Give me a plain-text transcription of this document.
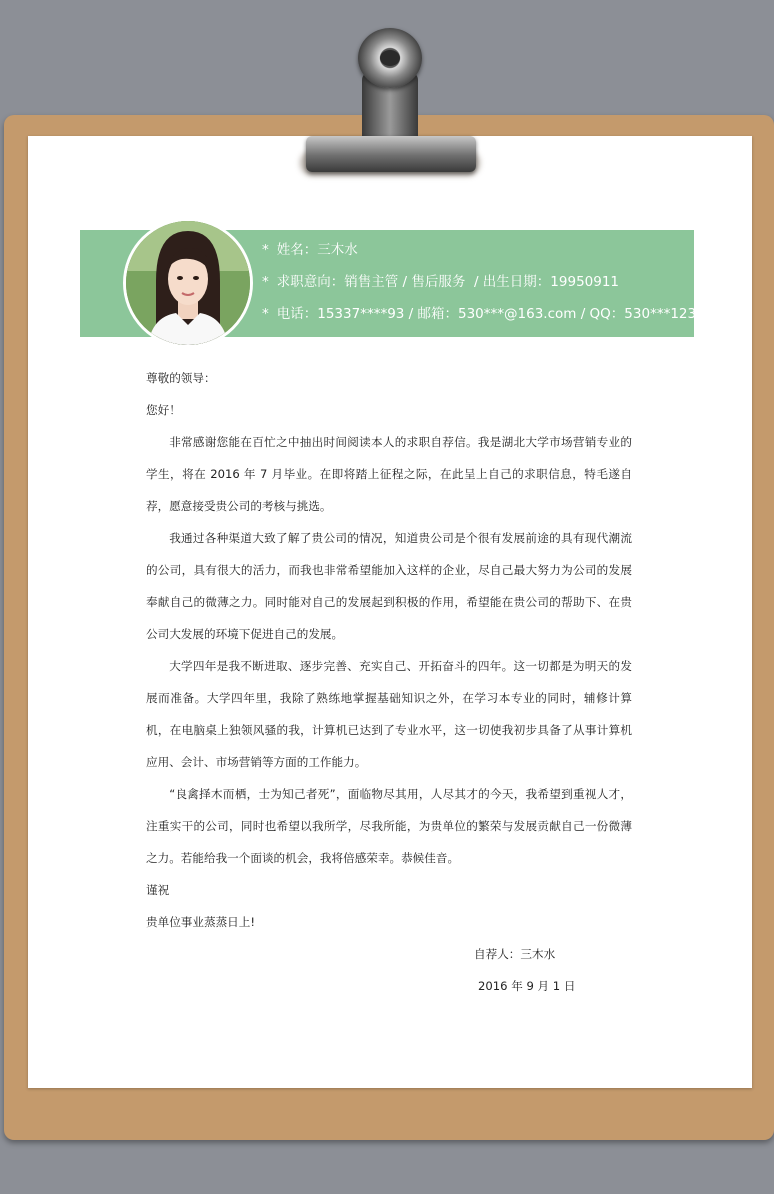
* 姓名：三木水
* 求职意向：销售主管 / 售后服务  / 出生日期：19950911
* 电话：15337****93 / 邮箱：530***@163.com / QQ：530***123

尊敬的领导：

您好！

非常感谢您能在百忙之中抽出时间阅读本人的求职自荐信。我是湖北大学市场营销专业的学生，将在 2016 年 7 月毕业。在即将踏上征程之际，在此呈上自己的求职信息，特毛遂自荐，愿意接受贵公司的考核与挑选。

我通过各种渠道大致了解了贵公司的情况，知道贵公司是个很有发展前途的具有现代潮流的公司，具有很大的活力，而我也非常希望能加入这样的企业，尽自己最大努力为公司的发展奉献自己的微薄之力。同时能对自己的发展起到积极的作用，希望能在贵公司的帮助下、在贵公司大发展的环境下促进自己的发展。

大学四年是我不断进取、逐步完善、充实自己、开拓奋斗的四年。这一切都是为明天的发展而准备。大学四年里，我除了熟练地掌握基础知识之外，在学习本专业的同时，辅修计算机，在电脑桌上独领风骚的我，计算机已达到了专业水平，这一切使我初步具备了从事计算机应用、会计、市场营销等方面的工作能力。

“良禽择木而栖，士为知己者死”，面临物尽其用，人尽其才的今天，我希望到重视人才，注重实干的公司，同时也希望以我所学，尽我所能，为贵单位的繁荣与发展贡献自己一份微薄之力。若能给我一个面谈的机会，我将倍感荣幸。恭候佳音。

谨祝

贵单位事业蒸蒸日上!

自荐人：三木水

2016 年 9 月 1 日
